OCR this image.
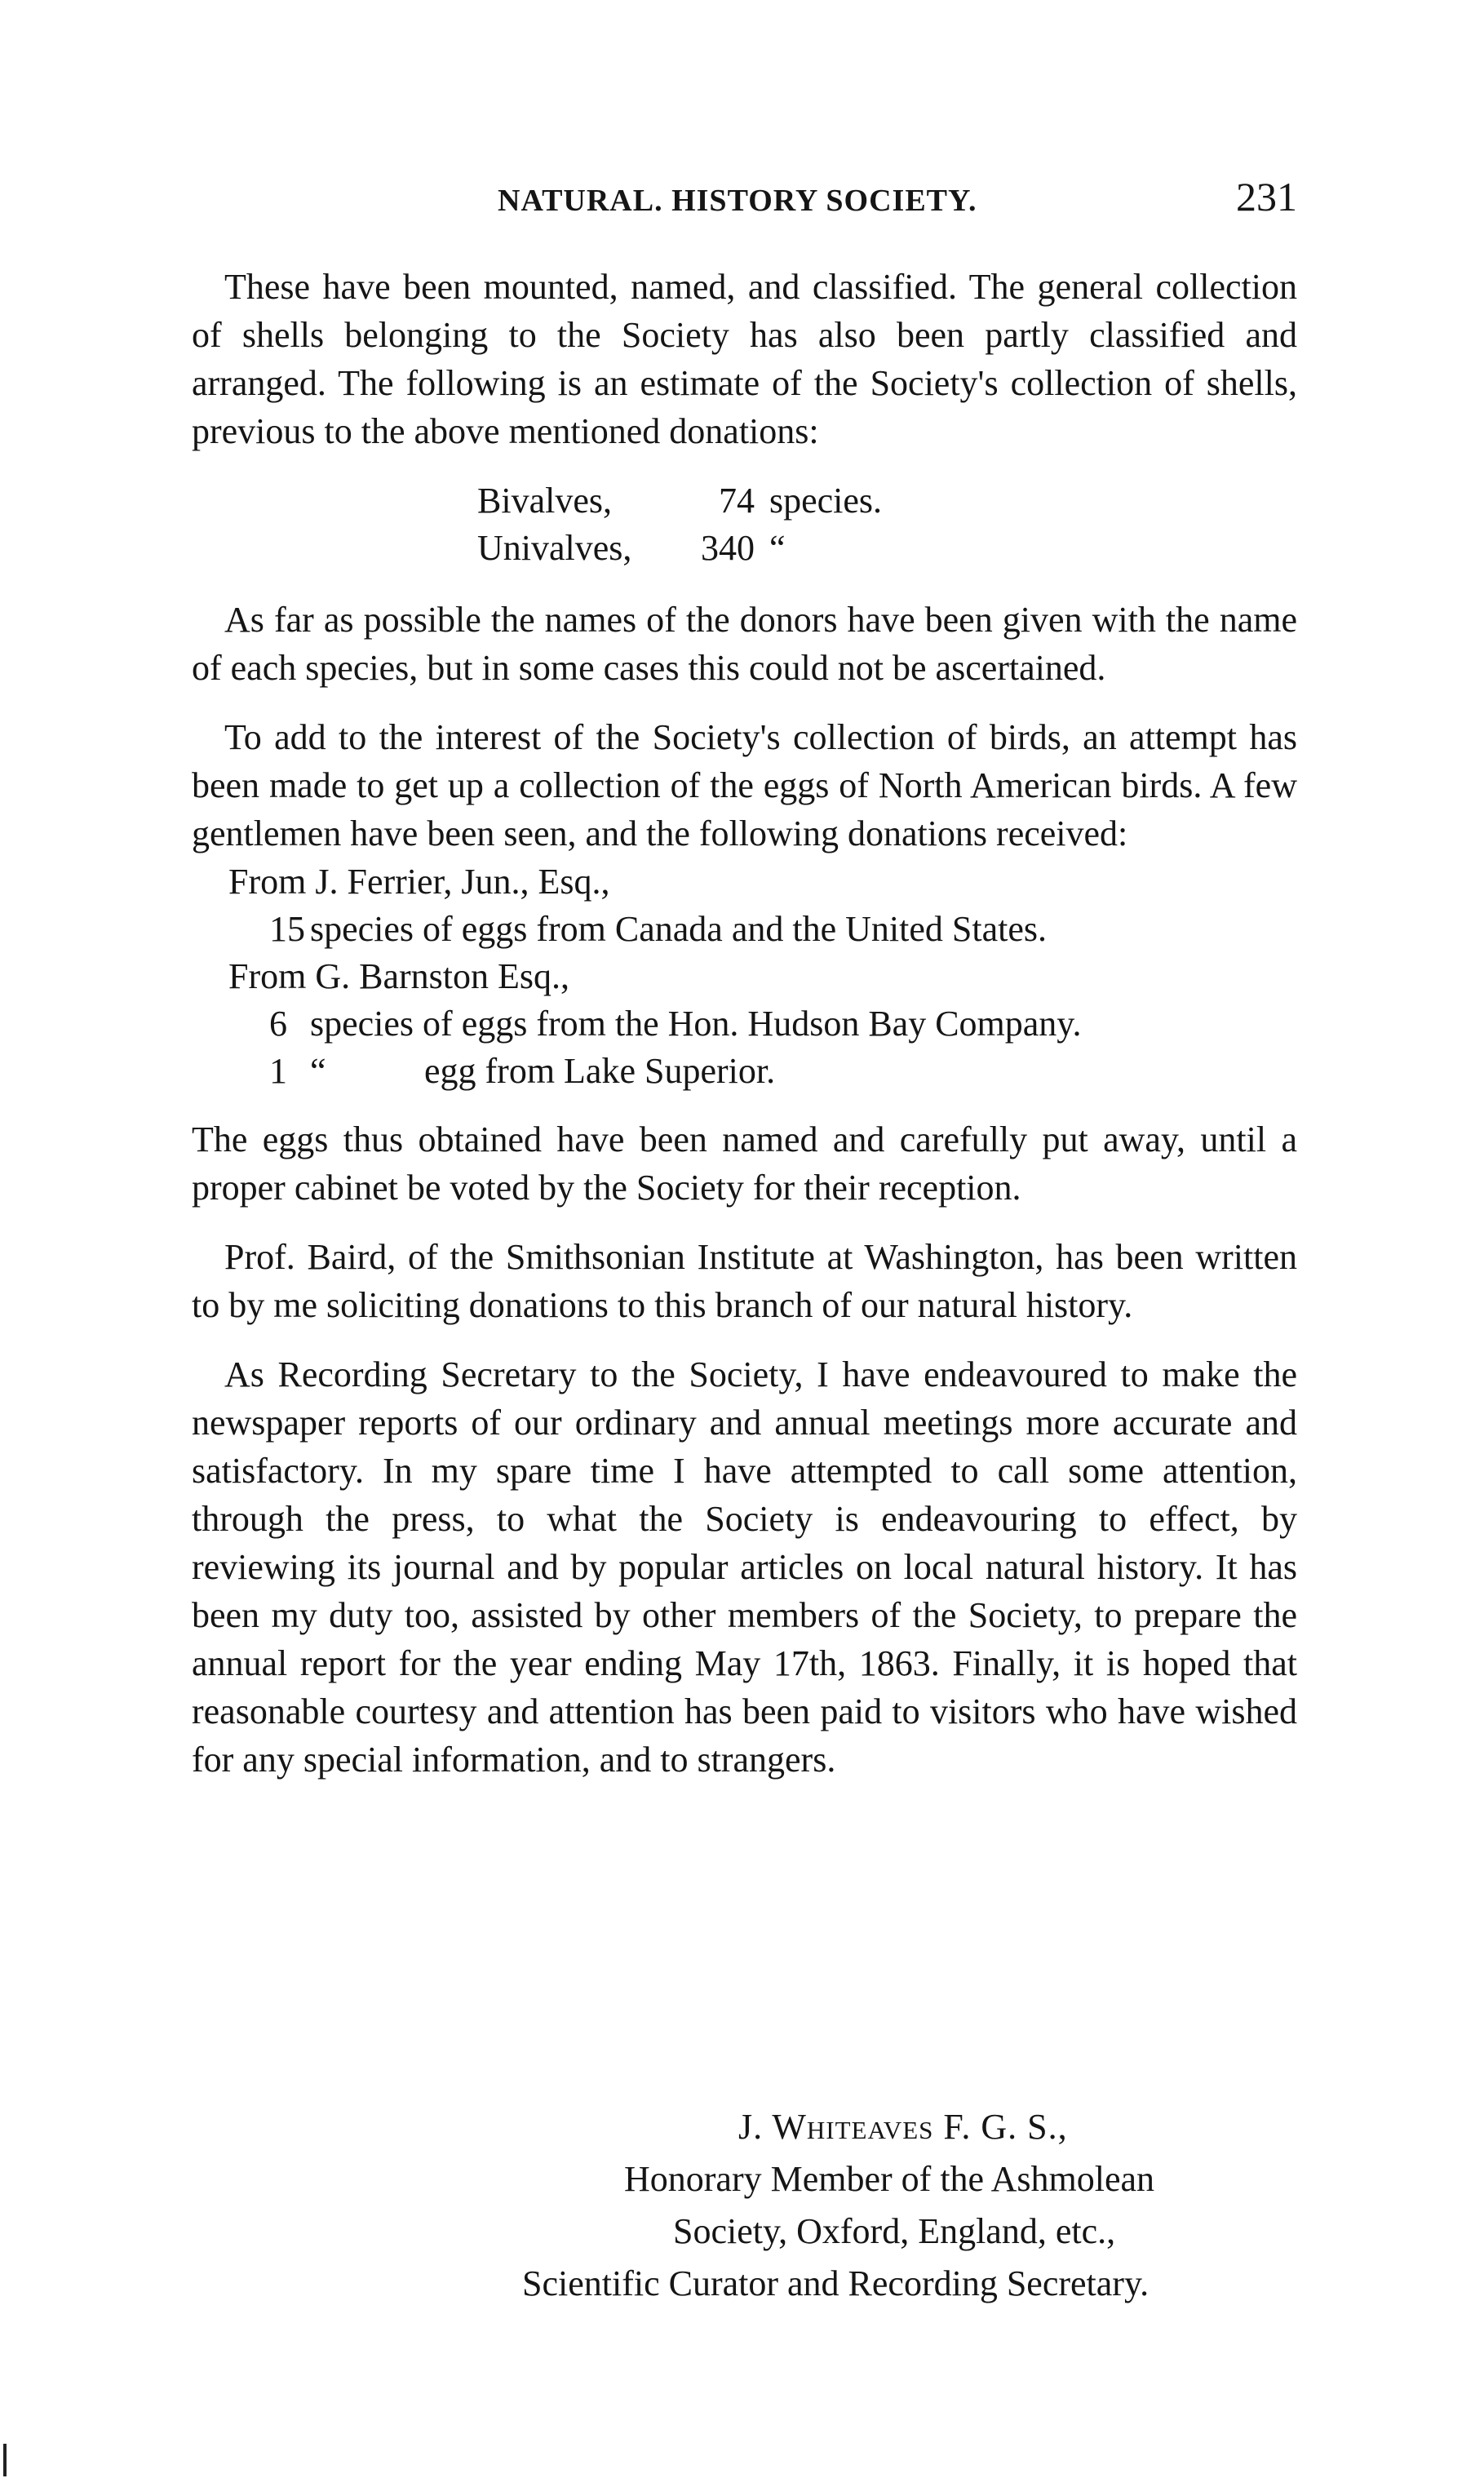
NATURAL. HISTORY SOCIETY.	231

These have been mounted, named, and classified. The general collection of shells belonging to the Society has also been partly classified and arranged. The following is an estimate of the Society's collection of shells, previous to the above mentioned donations:

Bivalves,	74 species.
Univalves,	340 “

As far as possible the names of the donors have been given with the name of each species, but in some cases this could not be ascertained.

To add to the interest of the Society's collection of birds, an attempt has been made to get up a collection of the eggs of North American birds. A few gentlemen have been seen, and the following donations received:

From J. Ferrier, Jun., Esq.,
15 species of eggs
from Canada and the United States.
From G. Barnston Esq.,
6 species of eggs
from the Hon. Hudson Bay Company.
1 “	egg from Lake Superior.

The eggs thus obtained have been named and carefully put away, until a proper cabinet be voted by the Society for their reception.

Prof. Baird, of the Smithsonian Institute at Washington, has been written to by me soliciting donations to this branch of our natural history.

As Recording Secretary to the Society, I have endeavoured to make the newspaper reports of our ordinary and annual meetings more accurate and satisfactory. In my spare time I have attempted to call some attention, through the press, to what the Society is endeavouring to effect, by reviewing its journal and by popular articles on local natural history. It has been my duty too, assisted by other members of the Society, to prepare the annual report for the year ending May 17th, 1863. Finally, it is hoped that reasonable courtesy and attention has been paid to visitors who have wished for any special information, and to strangers.

J. Whiteaves F. G. S.,
Honorary Member of the Ashmolean
Society, Oxford, England, etc.,
Scientific Curator and Recording Secretary.
